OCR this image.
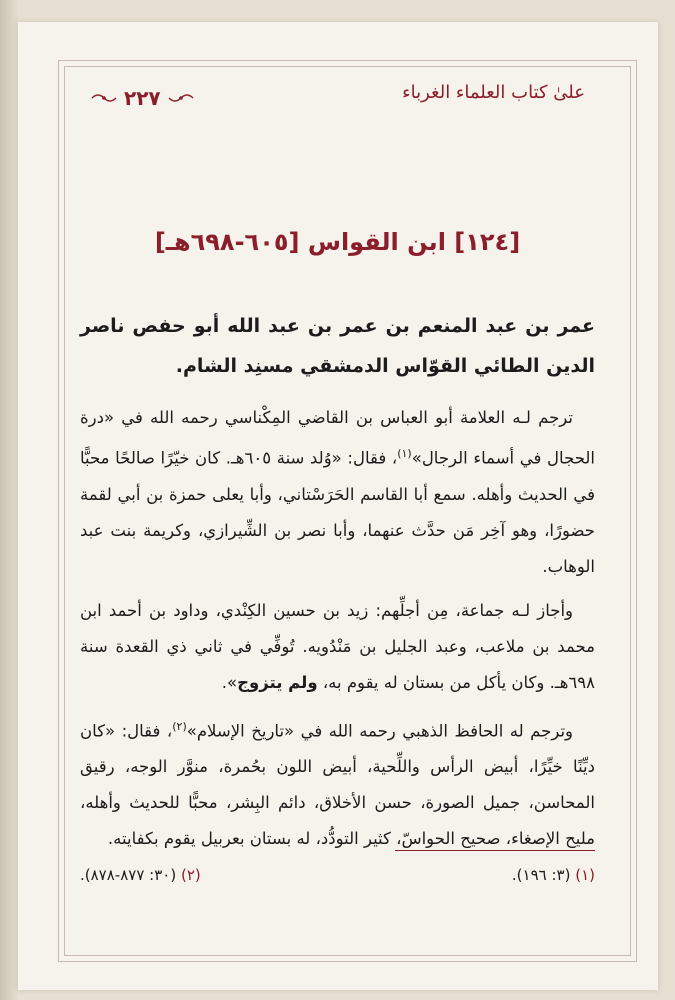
٢٢٧	علىٰ كتاب العلماء الغرباء
[١٢٤] ابن القواس [٦٠٥-٦٩٨هـ]

عمر بن عبد المنعم بن عمر بن عبد الله أبو حفص ناصر الدين الطائي القوّاس الدمشقي مسنِد الشام.

ترجم لـه العلامة أبو العباس بن القاضي المِكْناسي رحمه الله في «درة الحجال في أسماء الرجال»$^{(١)}$، فقال: «وُلد سنة ٦٠٥هـ. كان خيّرًا صالحًا محبًّا في الحديث وأهله. سمع أبا القاسم الحَرَسْتاني، وأبا يعلى حمزة بن أبي لقمة حضورًا، وهو آخِر مَن حدَّث عنهما، وأبا نصر بن الشِّيرازي، وكريمة بنت عبد الوهاب.

وأجاز لـه جماعة، مِن أجلِّهم: زيد بن حسين الكِنْدي، وداود بن أحمد ابن محمد بن ملاعب، وعبد الجليل بن مَنْدُويه. تُوفِّي في ثاني ذي القعدة سنة ٦٩٨هـ. وكان يأكل من بستان له يقوم به، ولم يتزوج».

وترجم له الحافظ الذهبي رحمه الله في «تاريخ الإسلام»$^{(٢)}$، فقال: «كان ديِّنًا خيِّرًا، أبيض الرأس واللِّحية، أبيض اللون بحُمرة، منوَّر الوجه، رقيق المحاسن، جميل الصورة، حسن الأخلاق، دائم البِشر، محبًّا للحديث وأهله، مليح الإصغاء، صحيح الحواسّ، كثير التودُّد، له بستان بعربيل يقوم بكفايته.

(١) (٣: ١٩٦).
(٢) (٣٠: ٨٧٧-٨٧٨).
